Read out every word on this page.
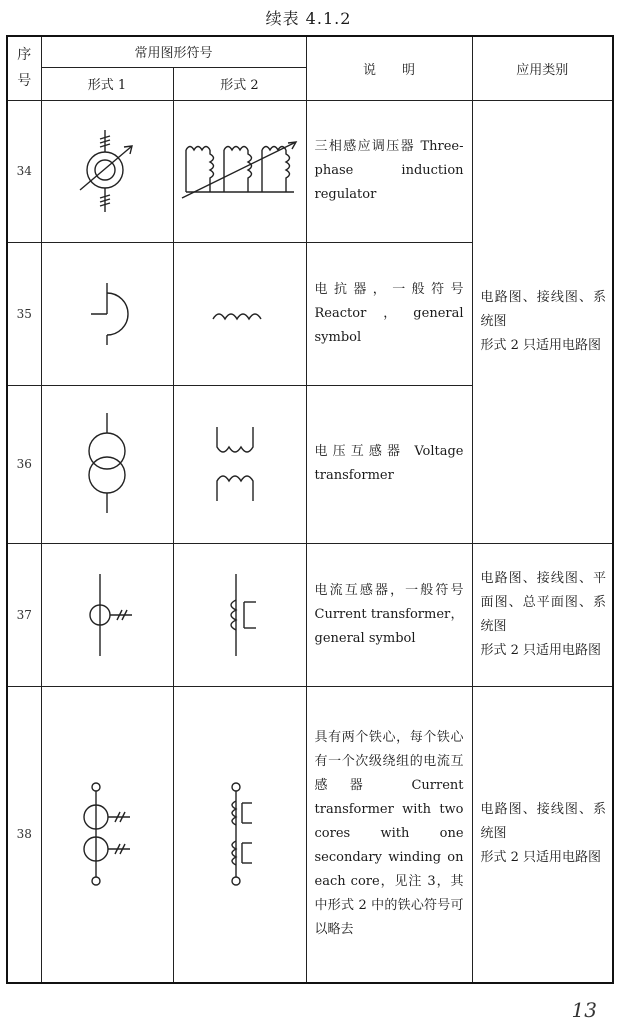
续表 4.1.2
序
号	常用图形符号		说　　明	应用类别
	形式 1	形式 2		
34			三相感应调压器 Three-phase induction regulator	电路图、接线图、系统图
形式 2 只适用电路图

35			电抗器，一般符号 Reactor，general symbol	
36			电压互感器 Voltage transformer	
37			电流互感器，一般符号 Current transformer，general symbol	电路图、接线图、平面图、总平面图、系统图
形式 2 只适用电路图

38			具有两个铁心，每个铁心有一个次级绕组的电流互感器 Current transformer with two cores with one secondary winding on each core，见注 3，其中形式 2 中的铁心符号可以略去	电路图、接线图、系统图
形式 2 只适用电路图
13
